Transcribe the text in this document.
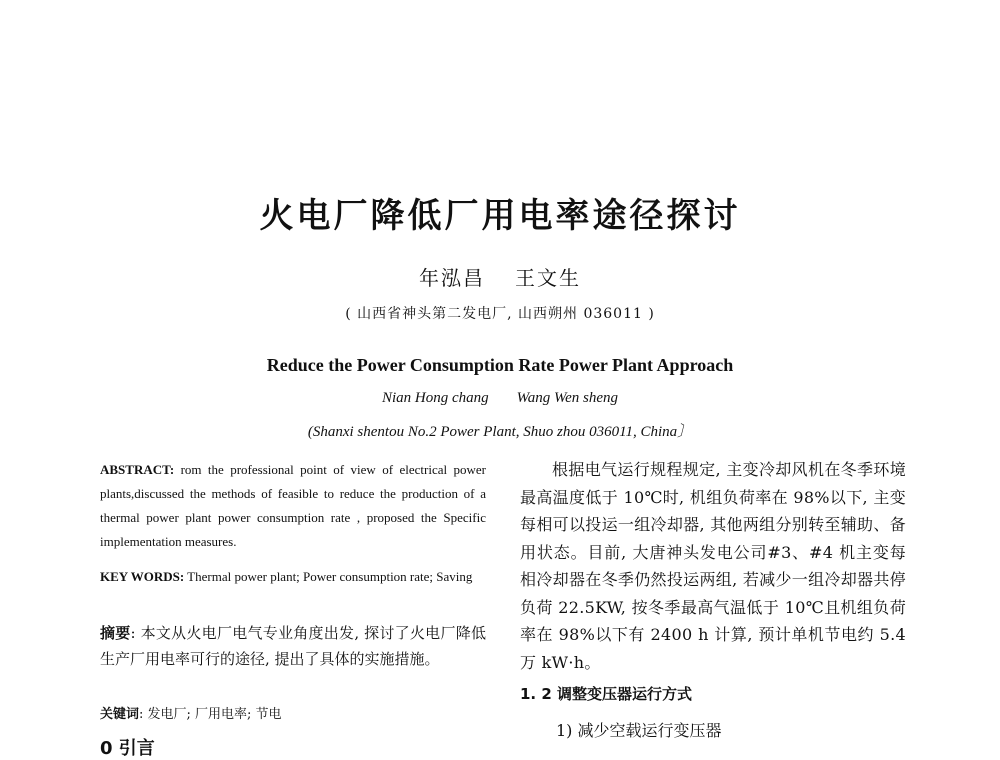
火电厂降低厂用电率途径探讨
年泓昌 王文生
( 山西省神头第二发电厂, 山西朔州 036011 )
Reduce the Power Consumption Rate Power Plant Approach
Nian Hong chang Wang Wen sheng
(Shanxi shentou No.2 Power Plant, Shuo zhou 036011, China〕

ABSTRACT: rom the professional point of view of electrical power plants,discussed the methods of feasible to reduce the production of a thermal power plant power consumption rate , proposed the Specific implementation measures.

KEY WORDS: Thermal power plant; Power consumption rate; Saving

摘要: 本文从火电厂电气专业角度出发, 探讨了火电厂降低生产厂用电率可行的途径, 提出了具体的实施措施。

关键词: 发电厂; 厂用电率; 节电

0 引言

根据电气运行规程规定, 主变冷却风机在冬季环境最高温度低于 10℃时, 机组负荷率在 98%以下, 主变每相可以投运一组冷却器, 其他两组分别转至辅助、备用状态。目前, 大唐神头发电公司#3、#4 机主变每相冷却器在冬季仍然投运两组, 若减少一组冷却器共停负荷 22.5KW, 按冬季最高气温低于 10℃且机组负荷率在 98%以下有 2400 h 计算, 预计单机节电约 5.4 万 kW·h。

1. 2 调整变压器运行方式
1) 减少空载运行变压器
